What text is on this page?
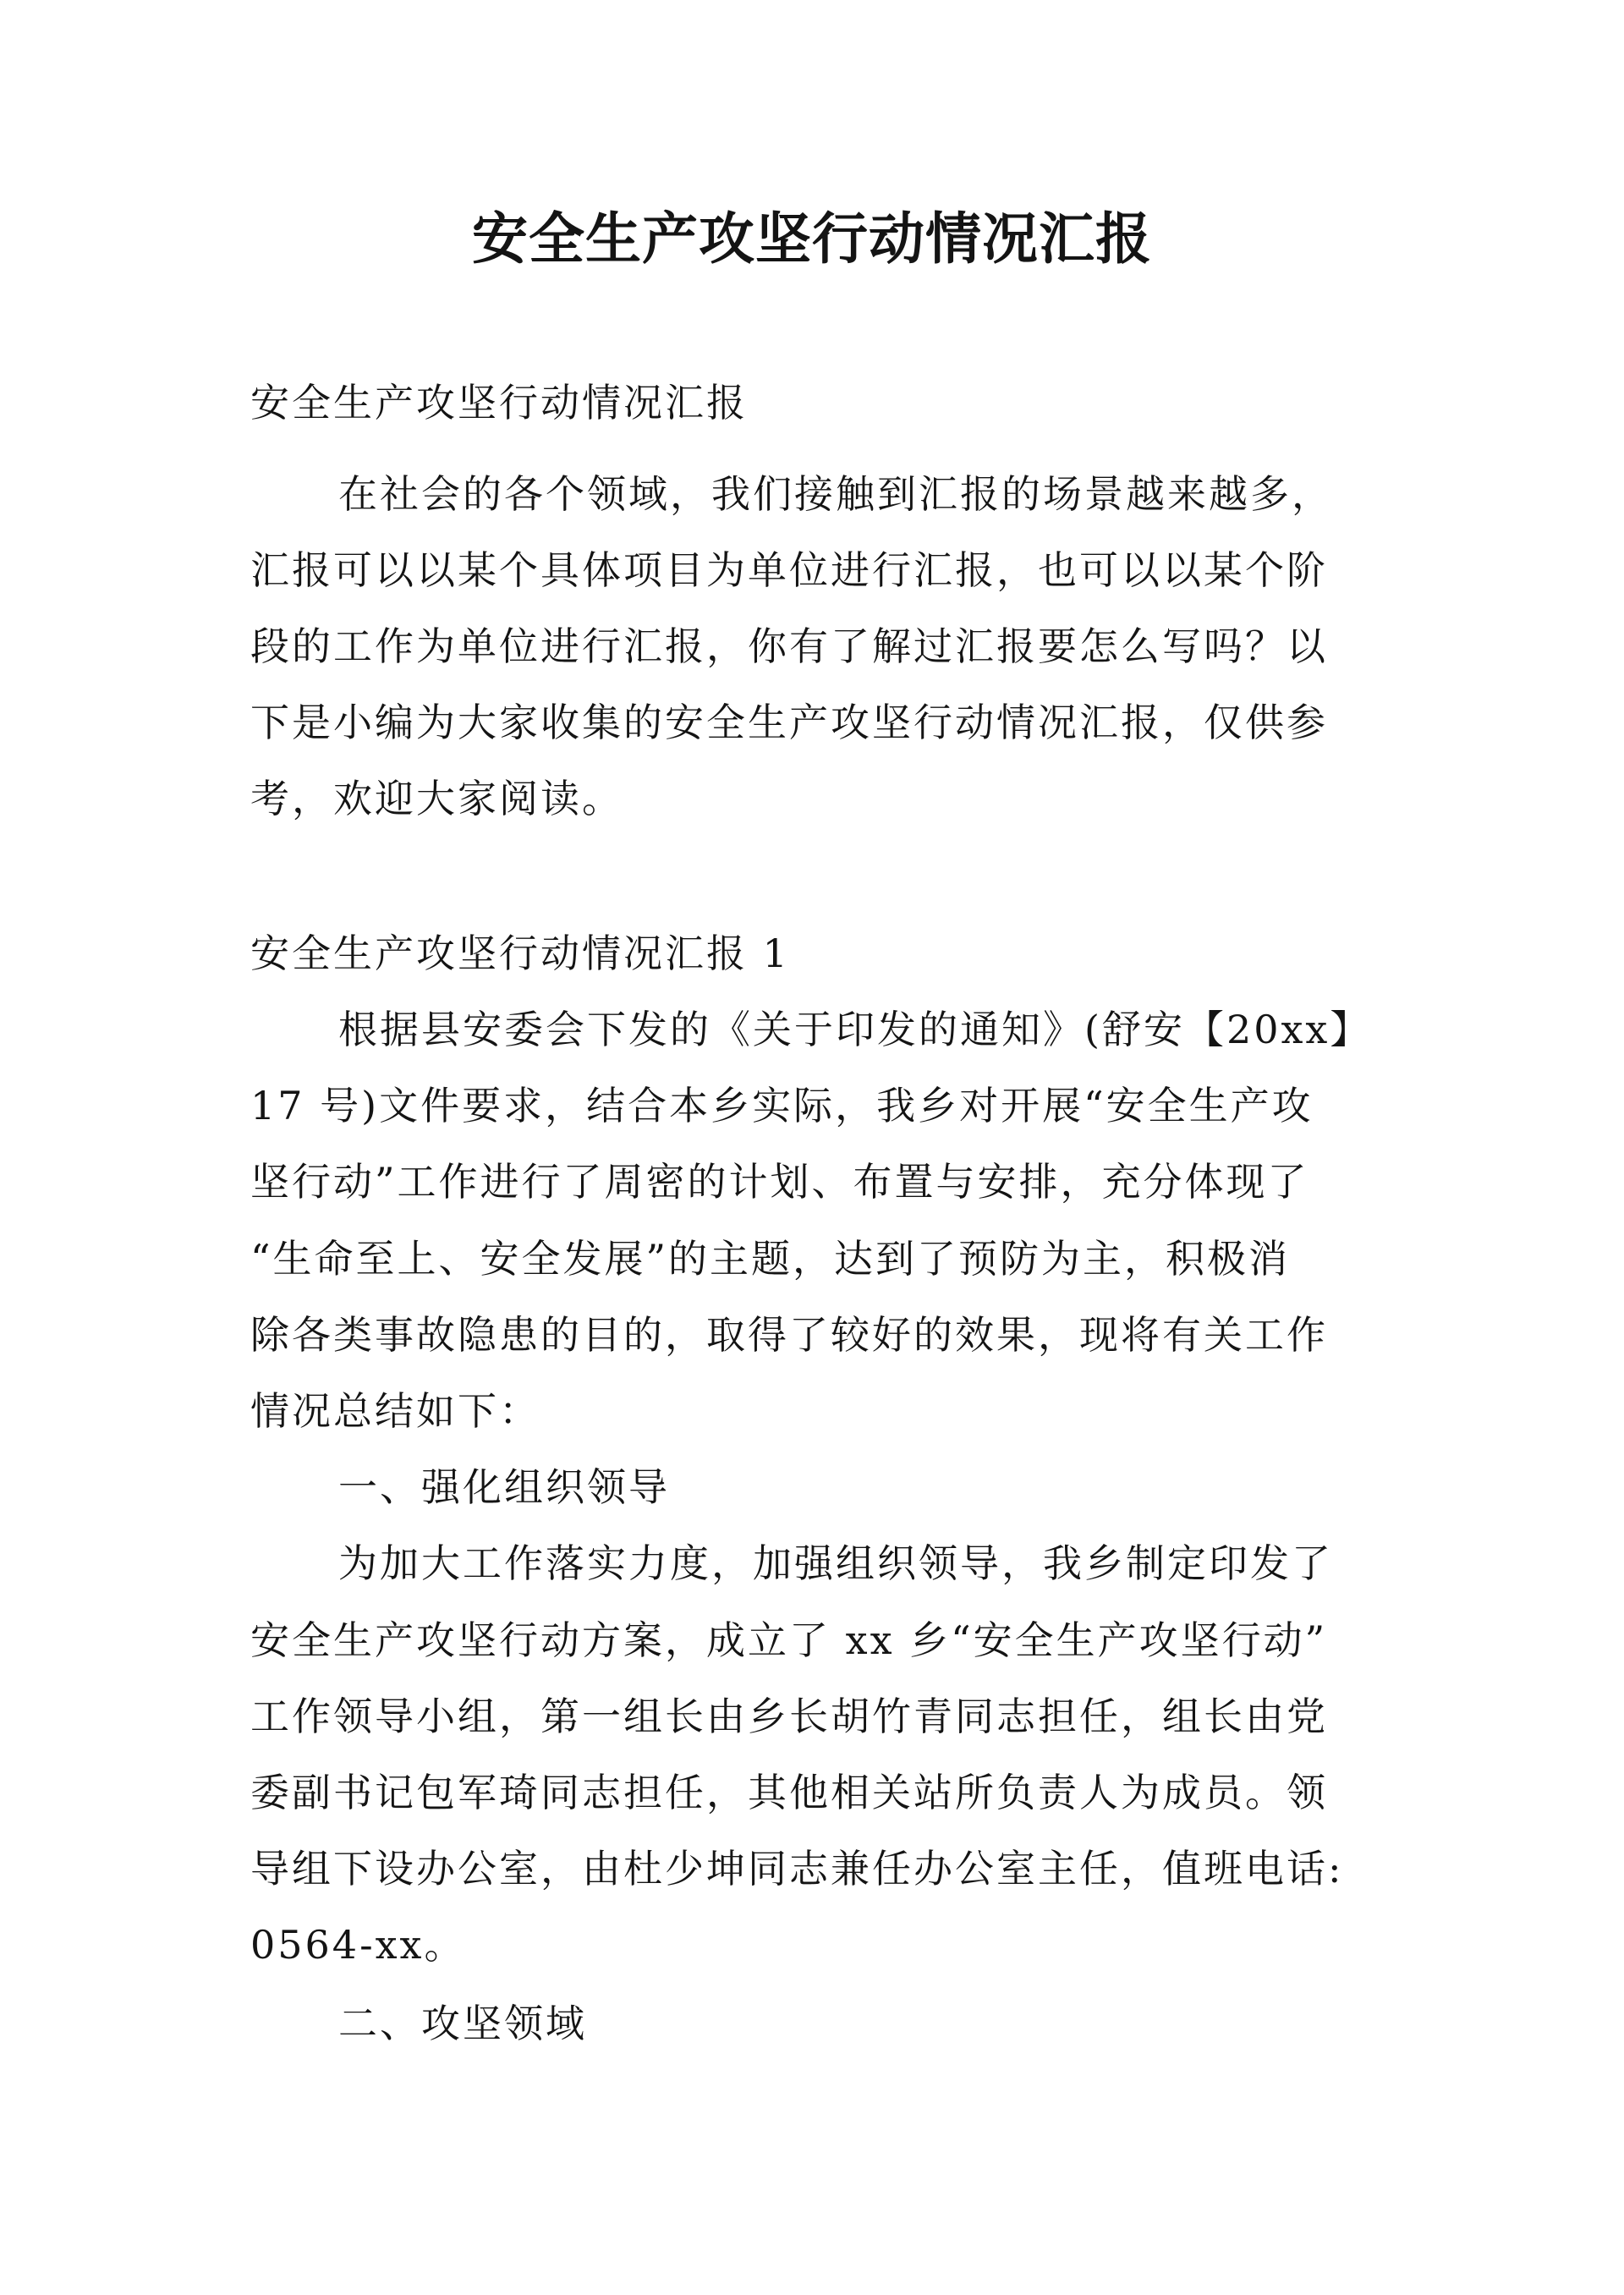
安全生产攻坚行动情况汇报
安全生产攻坚行动情况汇报
在社会的各个领域，我们接触到汇报的场景越来越多，
汇报可以以某个具体项目为单位进行汇报，也可以以某个阶
段的工作为单位进行汇报，你有了解过汇报要怎么写吗？以
下是小编为大家收集的安全生产攻坚行动情况汇报，仅供参
考，欢迎大家阅读。
安全生产攻坚行动情况汇报 1
根据县安委会下发的《关于印发的通知》(舒安【20xx】
17 号)文件要求，结合本乡实际，我乡对开展“安全生产攻
坚行动”工作进行了周密的计划、布置与安排，充分体现了
“生命至上、安全发展”的主题，达到了预防为主，积极消
除各类事故隐患的目的，取得了较好的效果，现将有关工作
情况总结如下：
一、强化组织领导
为加大工作落实力度，加强组织领导，我乡制定印发了
安全生产攻坚行动方案，成立了 xx 乡“安全生产攻坚行动”
工作领导小组，第一组长由乡长胡竹青同志担任，组长由党
委副书记包军琦同志担任，其他相关站所负责人为成员。领
导组下设办公室，由杜少坤同志兼任办公室主任，值班电话:
0564-xx。
二、攻坚领域
